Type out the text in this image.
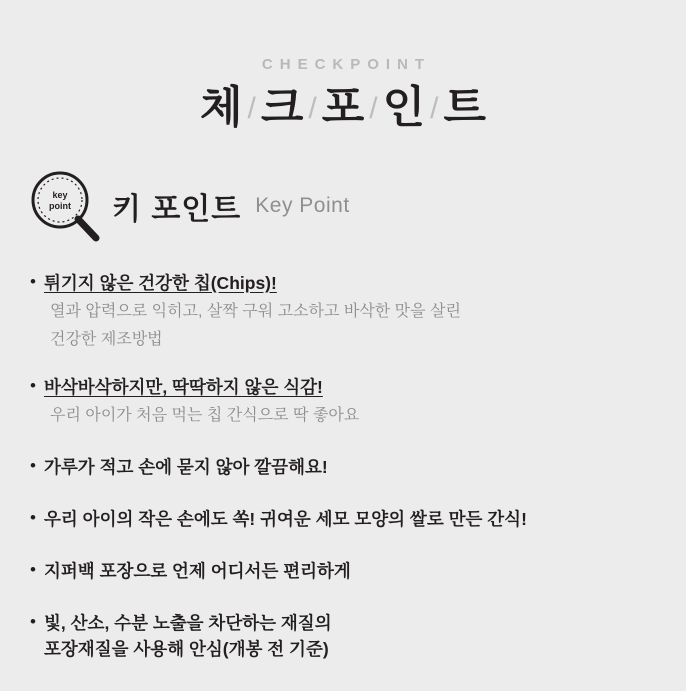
CHECKPOINT
체 / 크 / 포 / 인 / 트
key
point 키 포인트 Key Point
• 튀기지 않은 건강한 칩(Chips)!
열과 압력으로 익히고, 살짝 구워 고소하고 바삭한 맛을 살린
건강한 제조방법
• 바삭바삭하지만, 딱딱하지 않은 식감!
우리 아이가 처음 먹는 칩 간식으로 딱 좋아요
• 가루가 적고 손에 묻지 않아 깔끔해요!
• 우리 아이의 작은 손에도 쏙! 귀여운 세모 모양의 쌀로 만든 간식!
• 지퍼백 포장으로 언제 어디서든 편리하게
• 빛, 산소, 수분 노출을 차단하는 재질의
포장재질을 사용해 안심(개봉 전 기준)
